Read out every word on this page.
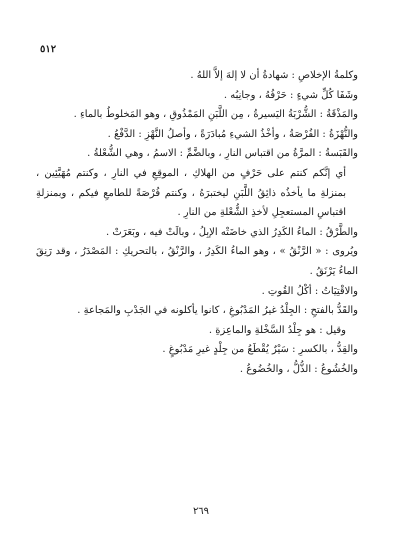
٥١٢

وكلمةُ الإخلاصِ : شهادةُ أن لا إلهَ إلاَّ اللهُ .

وشَفَا كُلِّ شيءٍ : حَرْفُهُ ، وجانِبُه .

والمَذْقَةُ : الشُّرْبَةُ اليَسيرةُ ، مِن اللَّبَنِ المَمْذُوقِ ، وهو المَخلوطُ بالماءِ .

والنُّهْزَةُ : الفُرْصَةُ ، وأخْذُ الشيءِ مُبادَرَةً ، وأصلُ النَّهْزِ : الدَّفْعُ .

والقَبَسةُ : المرَّةُ من اقتباس النارِ ، وبالضَّمِّ : الاسمُ ، وهي الشُّعْلةُ .

أي إنَّكم كنتم على حَرْفٍ من الهلاكِ ، الموقِعِ في النارِ ، وكنتم مُهَيَّئِين ، بمنزلةِ ما يأخذُه ذائِقُ اللَّبَنِ ليختبرَهُ ، وكنتم فُرْصَةً للطامعِ فيكم ، وبمنزلةِ اقتباسِ المستعجِلِ لأخذِ الشُّعْلةِ من النارِ .

والطَّرْقُ : الماءُ الكَدِرُ الذي خاضَتْه الإبِلُ ، وبالَتْ فيه ، وبَعَرَتْ .

ويُروى : « الرَّنْقُ » ، وهو الماءُ الكَدِرُ ، والرَّنْقُ ، بالتحريكِ : المَصْدَرُ ، وقد رَنِقَ الماءُ يَرْنَقُ .

والاقْتِيَاتُ : أكْلُ القُوتِ .

والقَدُّ بالفتحِ : الجِلْدُ غيرُ المَدْبُوغِ ، كانوا يأكلونه في الجَدْبِ والمَجاعةِ .

وقيل : هو جِلْدُ السَّخْلةِ والماعِزةِ .

والقِدُّ ، بالكسرِ : سَيْرٌ يُقْطَعُ من جِلْدٍ غيرِ مَدْبُوغٍ .

والخُشُوعُ : الذُّلُّ ، والخُضُوعُ .

٢٦٩
